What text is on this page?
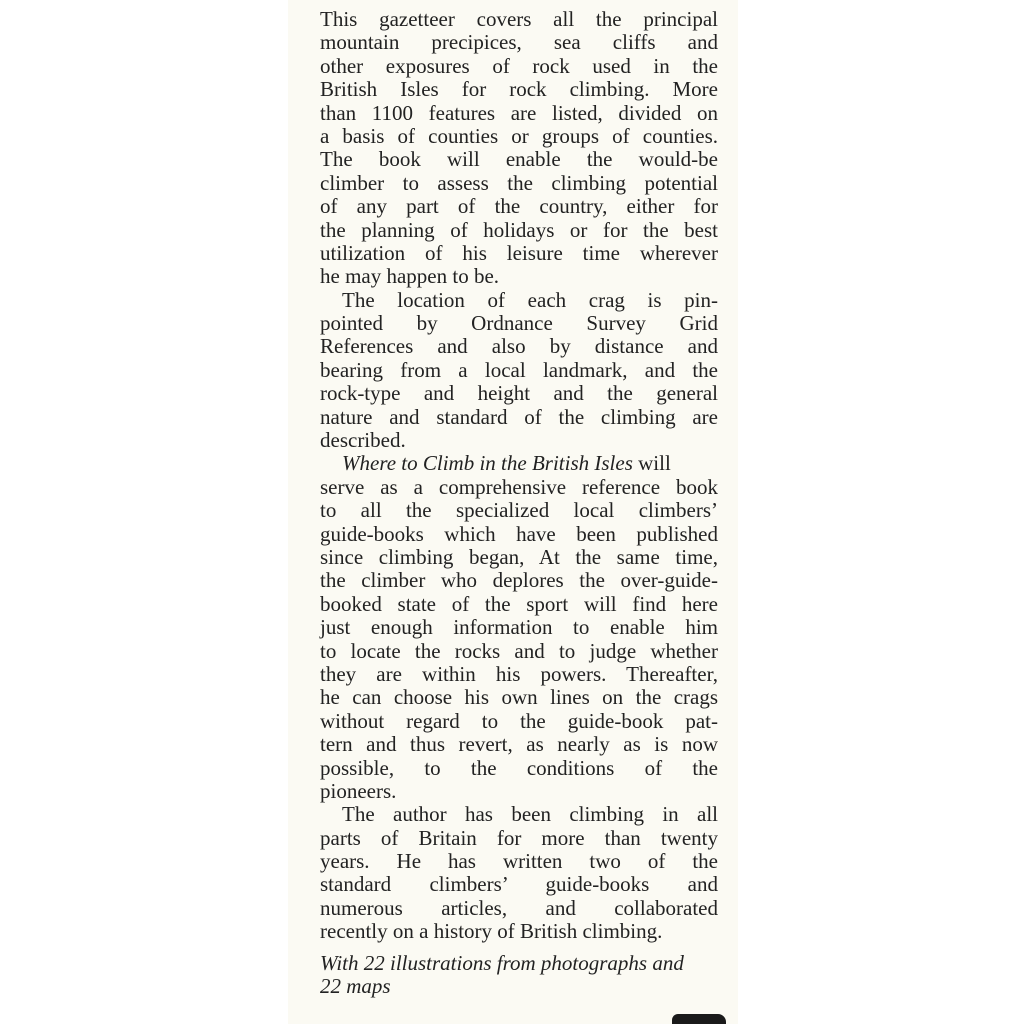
This gazetteer covers all the principal
mountain precipices, sea cliffs and
other exposures of rock used in the
British Isles for rock climbing. More
than 1100 features are listed, divided on
a basis of counties or groups of counties.
The book will enable the would-be
climber to assess the climbing potential
of any part of the country, either for
the planning of holidays or for the best
utilization of his leisure time wherever
he may happen to be.
The location of each crag is pin-
pointed by Ordnance Survey Grid
References and also by distance and
bearing from a local landmark, and the
rock-type and height and the general
nature and standard of the climbing are
described.
Where to Climb in the British Isles will
serve as a comprehensive reference book
to all the specialized local climbers’
guide-books which have been published
since climbing began, At the same time,
the climber who deplores the over-guide-
booked state of the sport will find here
just enough information to enable him
to locate the rocks and to judge whether
they are within his powers. Thereafter,
he can choose his own lines on the crags
without regard to the guide-book pat-
tern and thus revert, as nearly as is now
possible, to the conditions of the
pioneers.
The author has been climbing in all
parts of Britain for more than twenty
years. He has written two of the
standard climbers’ guide-books and
numerous articles, and collaborated
recently on a history of British climbing.
With 22 illustrations from photographs and
22 maps
